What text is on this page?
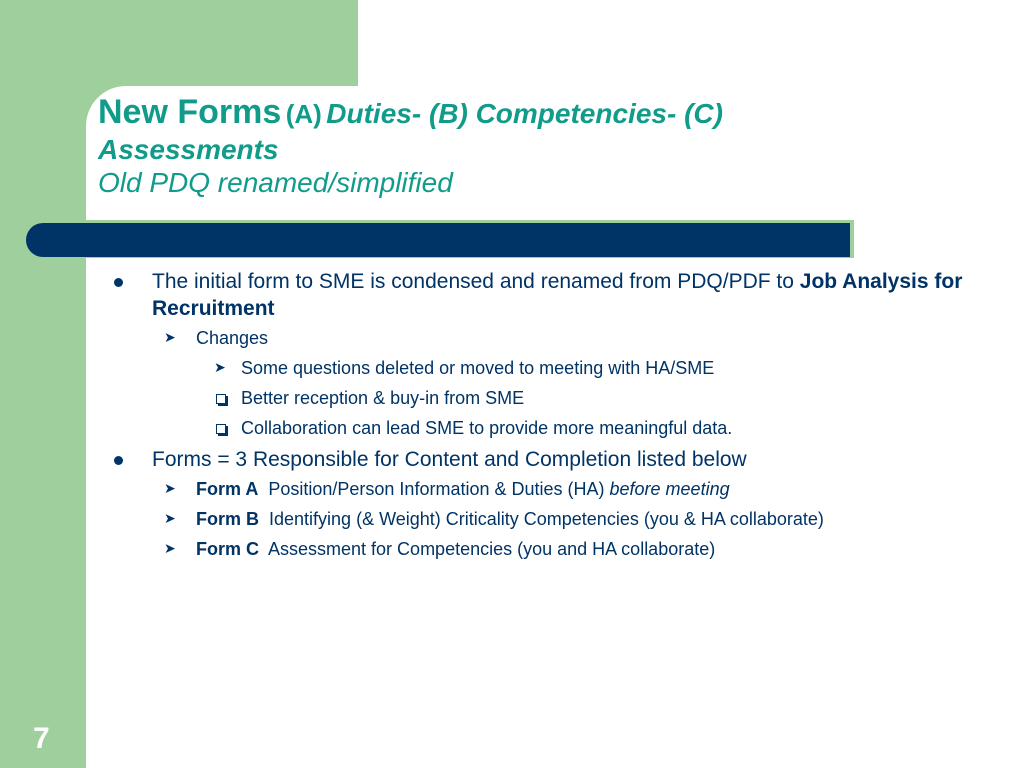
New Forms (A) Duties- (B) Competencies- (C) Assessments
Old PDQ renamed/simplified
The initial form to SME is condensed and renamed from PDQ/PDF to Job Analysis for Recruitment
➤ Changes
➤ Some questions deleted or moved to meeting with HA/SME
Better reception & buy-in from SME
Collaboration can lead SME to provide more meaningful data.
Forms = 3 Responsible for Content and Completion listed below
➤ Form A Position/Person Information & Duties (HA) before meeting
➤ Form B Identifying (& Weight) Criticality Competencies (you & HA collaborate)
➤ Form C Assessment for Competencies (you and HA collaborate)
7
